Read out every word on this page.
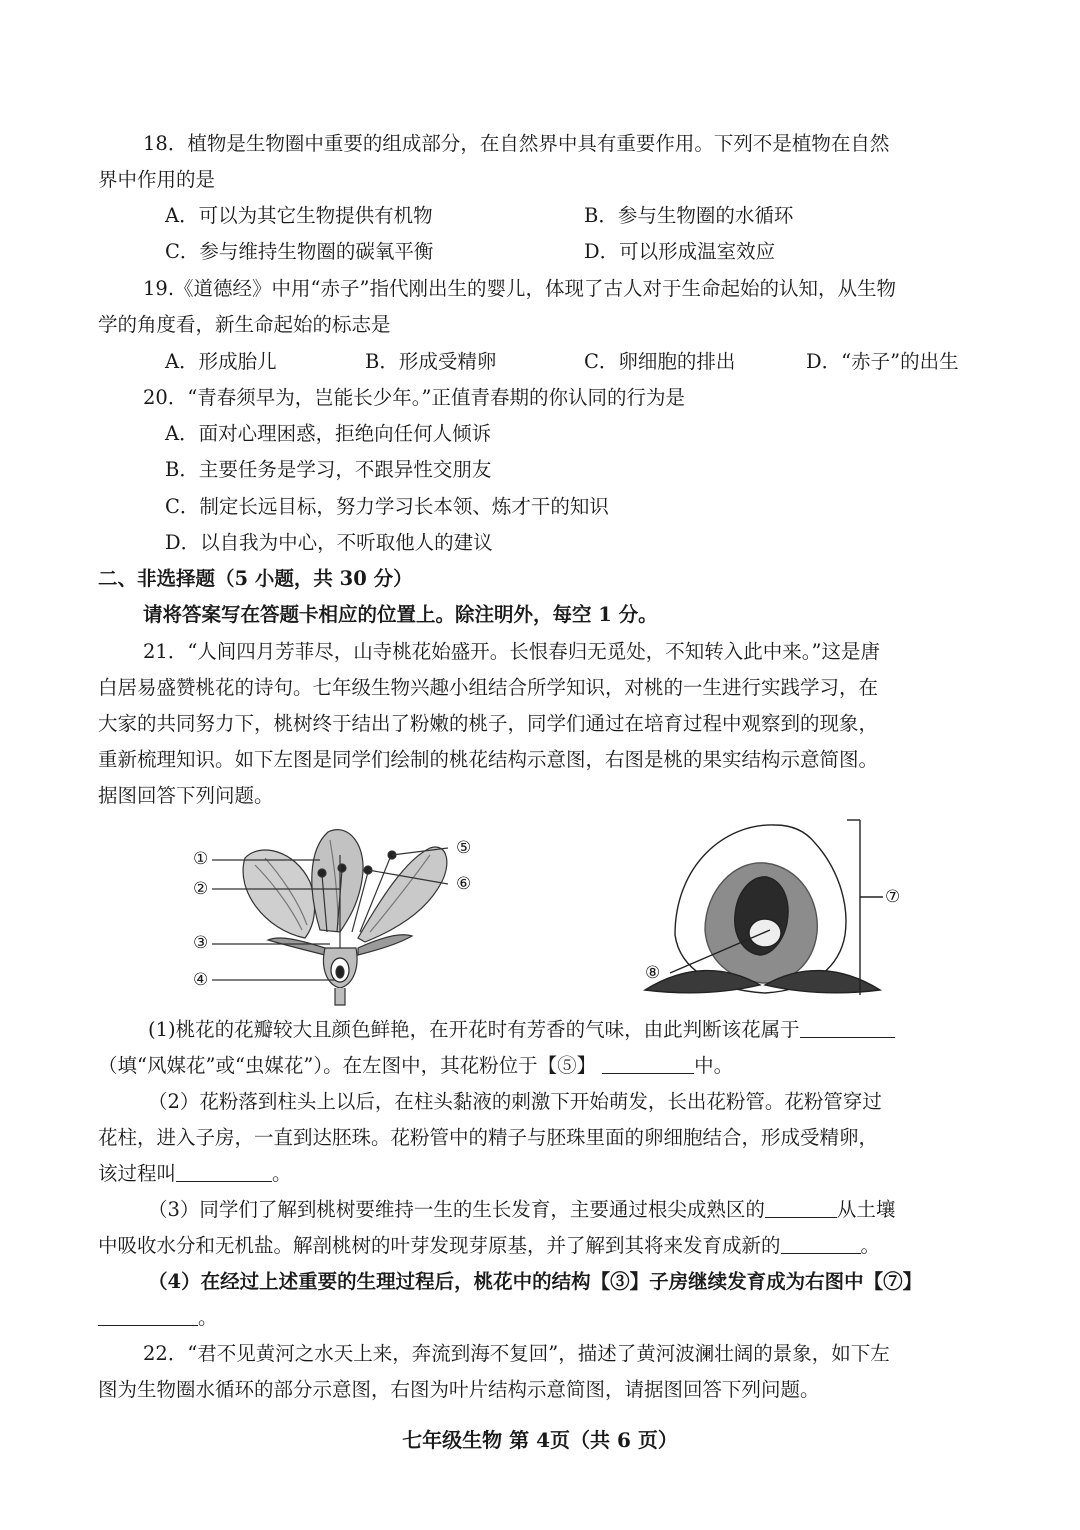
18．植物是生物圈中重要的组成部分，在自然界中具有重要作用。下列不是植物在自然
界中作用的是
A．可以为其它生物提供有机物	B．参与生物圈的水循环
C．参与维持生物圈的碳氧平衡	D．可以形成温室效应
19.《道德经》中用“赤子”指代刚出生的婴儿，体现了古人对于生命起始的认知，从生物
学的角度看，新生命起始的标志是
A．形成胎儿	B．形成受精卵	C．卵细胞的排出	D．“赤子”的出生
20．“青春须早为，岂能长少年。”正值青春期的你认同的行为是
A．面对心理困惑，拒绝向任何人倾诉
B．主要任务是学习，不跟异性交朋友
C．制定长远目标，努力学习长本领、炼才干的知识
D．以自我为中心，不听取他人的建议
二、非选择题（5 小题，共 30 分）
请将答案写在答题卡相应的位置上。除注明外，每空 1 分。
21．“人间四月芳菲尽，山寺桃花始盛开。长恨春归无觅处，不知转入此中来。”这是唐
白居易盛赞桃花的诗句。七年级生物兴趣小组结合所学知识，对桃的一生进行实践学习，在
大家的共同努力下，桃树终于结出了粉嫩的桃子，同学们通过在培育过程中观察到的现象，
重新梳理知识。如下左图是同学们绘制的桃花结构示意图，右图是桃的果实结构示意简图。
据图回答下列问题。
①
②
③
④
⑤
⑥
⑦
⑧
(1)桃花的花瓣较大且颜色鲜艳，在开花时有芳香的气味，由此判断该花属于
（填“风媒花”或“虫媒花”）。在左图中，其花粉位于【⑤】	中。
（2）花粉落到柱头上以后，在柱头黏液的刺激下开始萌发，长出花粉管。花粉管穿过
花柱，进入子房，一直到达胚珠。花粉管中的精子与胚珠里面的卵细胞结合，形成受精卵，
该过程叫	。
（3）同学们了解到桃树要维持一生的生长发育，主要通过根尖成熟区的	从土壤
中吸收水分和无机盐。解剖桃树的叶芽发现芽原基，并了解到其将来发育成新的	。
（4）在经过上述重要的生理过程后，桃花中的结构【③】子房继续发育成为右图中【⑦】
。
22．“君不见黄河之水天上来，奔流到海不复回”，描述了黄河波澜壮阔的景象，如下左
图为生物圈水循环的部分示意图，右图为叶片结构示意简图，请据图回答下列问题。
七年级生物 第 4页（共 6 页）
